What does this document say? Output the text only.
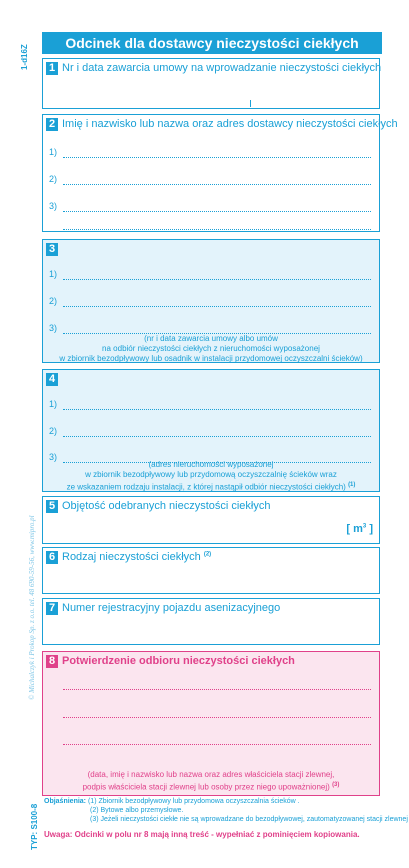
1-d16Z
© Michalczyk i Prokop Sp. z o.o. tel. 48 690-59-56, www.mipro.pl
TYP: S100-8
Odcinek dla dostawcy nieczystości ciekłych
1 Nr i data zawarcia umowy na wprowadzanie nieczystości ciekłych
2 Imię i nazwisko lub nazwa oraz adres dostawcy nieczystości ciekłych
1)
2)
3)
3
1)
2)
3)
(nr i data zawarcia umowy albo umów
na odbiór nieczystości ciekłych z nieruchomości wyposażonej
w zbiornik bezodpływowy lub osadnik w instalacji przydomowej oczyszczalni ścieków)
4
1)
2)
3)
(adres nieruchomości wyposażonej
w zbiornik bezodpływowy lub przydomową oczyszczalnię ścieków wraz
ze wskazaniem rodzaju instalacji, z której nastąpił odbiór nieczystości ciekłych) $^{(1)}$
5 Objętość odebranych nieczystości ciekłych
[ $m^3$ ]
6 Rodzaj nieczystości ciekłych $^{(2)}$
7 Numer rejestracyjny pojazdu asenizacyjnego
8 Potwierdzenie odbioru nieczystości ciekłych
(data, imię i nazwisko lub nazwa oraz adres właściciela stacji zlewnej,
podpis właściciela stacji zlewnej lub osoby przez niego upoważnionej) $^{(3)}$
Objaśnienia: (1) Zbiornik bezodpływowy lub przydomowa oczyszczalnia ścieków .
(2) Bytowe albo przemysłowe.
(3) Jeżeli nieczystości ciekłe nie są wprowadzane do bezodpływowej, zautomatyzowanej stacji zlewnej
Uwaga: Odcinki w polu nr 8 mają inną treść - wypełniać z pominięciem kopiowania.
